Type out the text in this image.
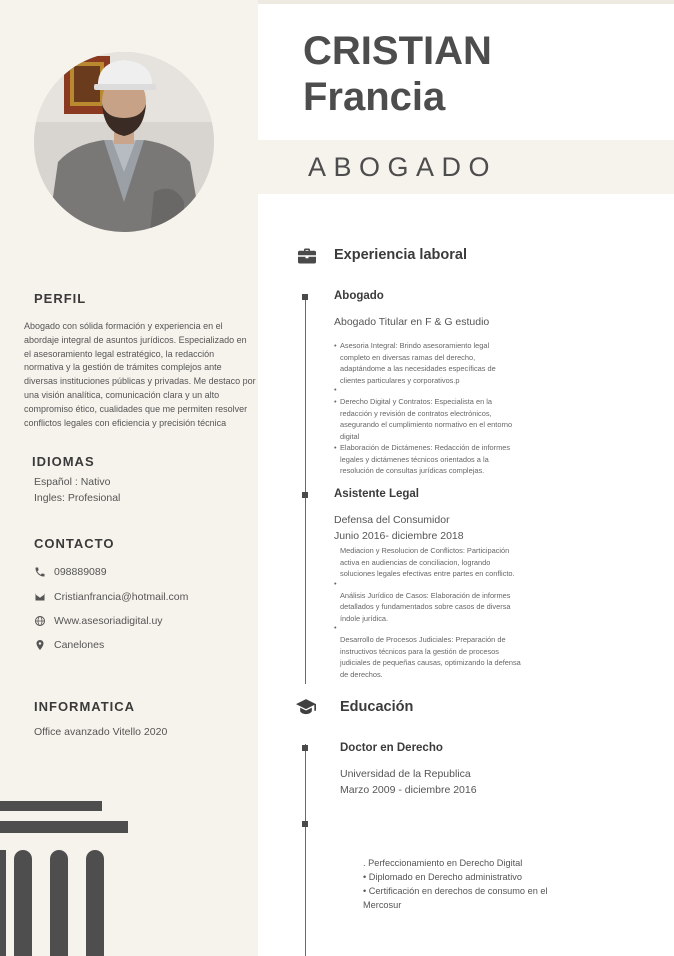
PERFIL
Abogado con sólida formación y experiencia en el abordaje integral de asuntos jurídicos. Especializado en el asesoramiento legal estratégico, la redacción normativa y la gestión de trámites complejos ante diversas instituciones públicas y privadas. Me destaco por una visión analítica, comunicación clara y un alto compromiso ético, cualidades que me permiten resolver conflictos legales con eficiencia y precisión técnica
IDIOMAS
Español : Nativo
Ingles: Profesional
CONTACTO
098889089
Cristianfrancia@hotmail.com
Www.asesoriadigital.uy
Canelones
INFORMATICA
Office avanzado Vitello 2020
CRISTIAN
Francia
ABOGADO
Experiencia laboral
Abogado
Abogado Titular en F & G estudio
• Asesoria Integral: Brindo asesoramiento legal completo en diversas ramas del derecho, adaptándome a las necesidades específicas de clientes particulares y corporativos.p
•
• Derecho Digital y Contratos: Especialista en la redacción y revisión de contratos electrónicos, asegurando el cumplimiento normativo en el entorno digital
• Elaboración de Dictámenes: Redacción de informes legales y dictámenes técnicos orientados a la resolución de consultas jurídicas complejas.
Asistente Legal
Defensa del Consumidor
Junio 2016- diciembre 2018
Mediacion y Resolucion de Conflictos: Participación activa en audiencias de conciliacion, logrando soluciones legales efectivas entre partes en conflicto.
•
Análisis Jurídico de Casos: Elaboración de informes detallados y fundamentados sobre casos de diversa índole jurídica.
•
Desarrollo de Procesos Judiciales: Preparación de instructivos técnicos para la gestión de procesos judiciales de pequeñas causas, optimizando la defensa de derechos.
Educación
Doctor en Derecho
Universidad de la Republica
Marzo 2009 - diciembre 2016
. Perfeccionamiento en Derecho Digital
• Diplomado en Derecho administrativo
• Certificación en derechos de consumo en el Mercosur
